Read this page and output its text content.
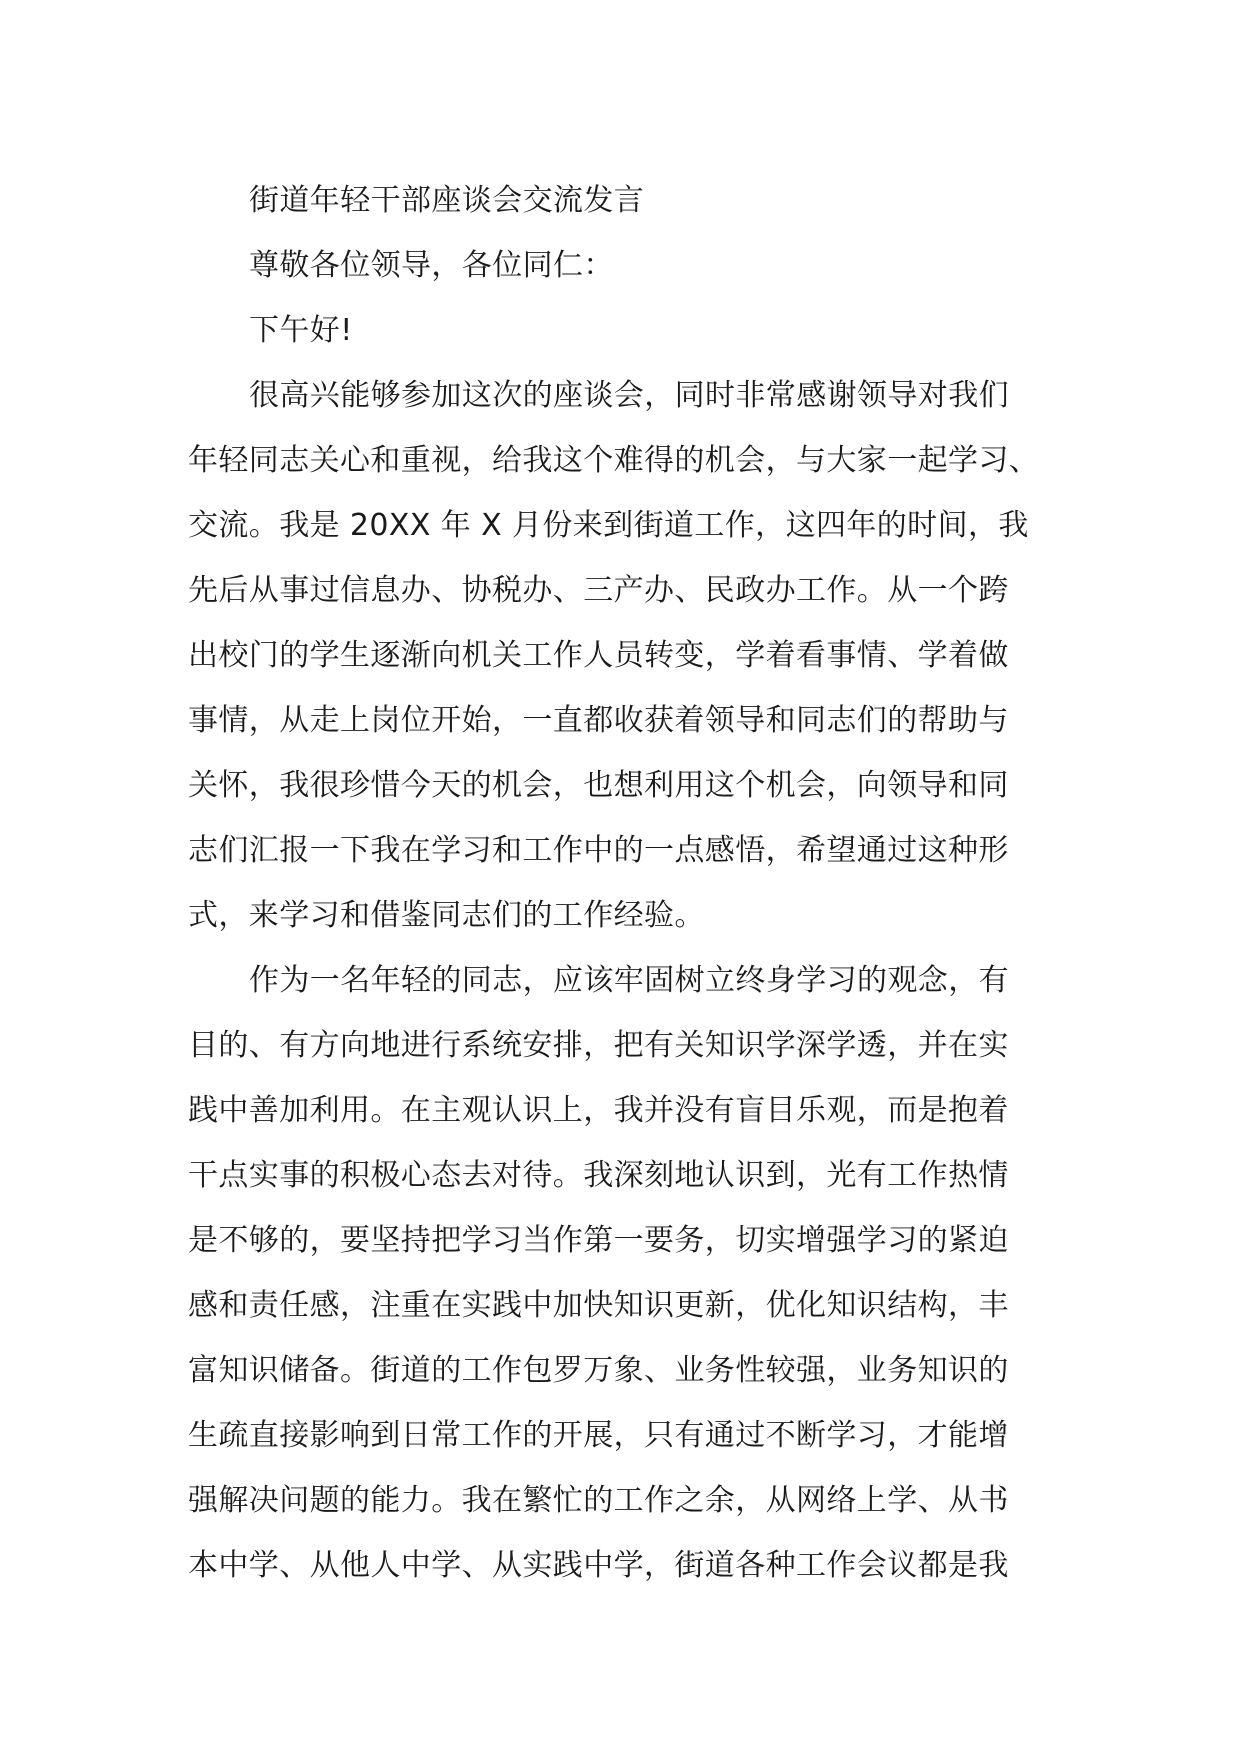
街道年轻干部座谈会交流发言
尊敬各位领导，各位同仁：
下午好!
很高兴能够参加这次的座谈会，同时非常感谢领导对我们
年轻同志关心和重视，给我这个难得的机会，与大家一起学习、
交流。我是 20XX 年 X 月份来到街道工作，这四年的时间，我
先后从事过信息办、协税办、三产办、民政办工作。从一个跨
出校门的学生逐渐向机关工作人员转变，学着看事情、学着做
事情，从走上岗位开始，一直都收获着领导和同志们的帮助与
关怀，我很珍惜今天的机会，也想利用这个机会，向领导和同
志们汇报一下我在学习和工作中的一点感悟，希望通过这种形
式，来学习和借鉴同志们的工作经验。
作为一名年轻的同志，应该牢固树立终身学习的观念，有
目的、有方向地进行系统安排，把有关知识学深学透，并在实
践中善加利用。在主观认识上，我并没有盲目乐观，而是抱着
干点实事的积极心态去对待。我深刻地认识到，光有工作热情
是不够的，要坚持把学习当作第一要务，切实增强学习的紧迫
感和责任感，注重在实践中加快知识更新，优化知识结构，丰
富知识储备。街道的工作包罗万象、业务性较强，业务知识的
生疏直接影响到日常工作的开展，只有通过不断学习，才能增
强解决问题的能力。我在繁忙的工作之余，从网络上学、从书
本中学、从他人中学、从实践中学，街道各种工作会议都是我
